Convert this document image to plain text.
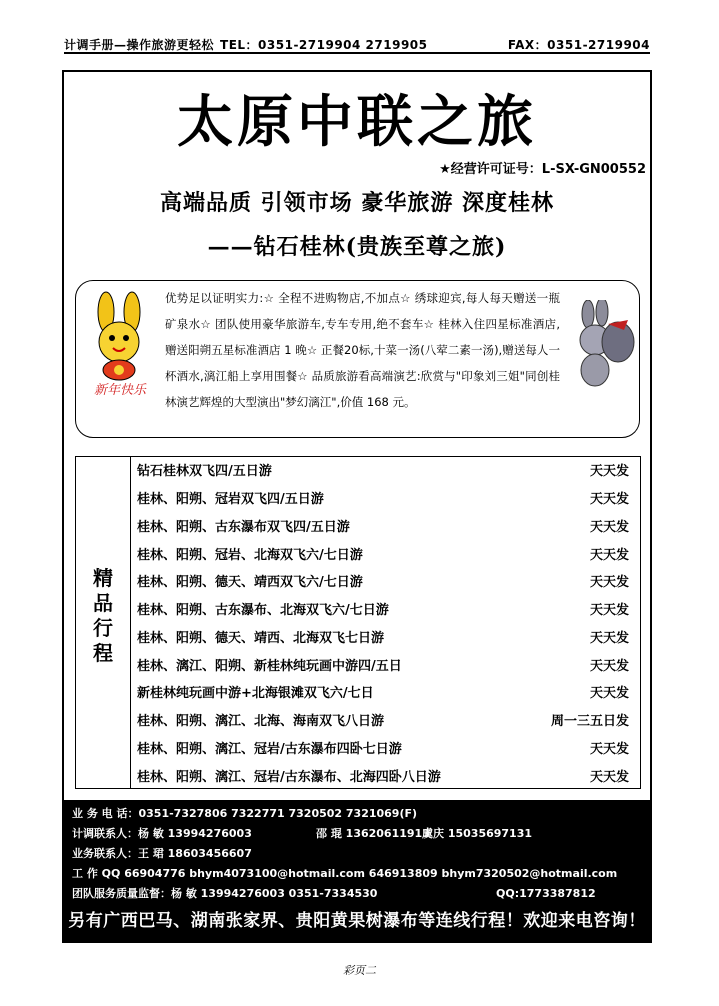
计调手册—操作旅游更轻松 TEL：0351-2719904 2719905	FAX：0351-2719904
太原中联之旅
★经营许可证号：L-SX-GN00552
高端品质 引领市场 豪华旅游 深度桂林
——钻石桂林(贵族至尊之旅)
优势足以证明实力:☆ 全程不进购物店,不加点☆ 绣球迎宾,每人每天赠送一瓶矿泉水☆ 团队使用豪华旅游车,专车专用,绝不套车☆ 桂林入住四星标准酒店,赠送阳朔五星标准酒店 1 晚☆ 正餐20标,十菜一汤(八荤二素一汤),赠送每人一杯酒水,漓江船上享用围餐☆ 品质旅游看高端演艺:欣赏与"印象刘三姐"同创桂林演艺辉煌的大型演出"梦幻漓江",价值 168 元。
新年快乐
精
品
行
程
钻石桂林双飞四/五日游	天天发
桂林、阳朔、冠岩双飞四/五日游	天天发
桂林、阳朔、古东瀑布双飞四/五日游	天天发
桂林、阳朔、冠岩、北海双飞六/七日游	天天发
桂林、阳朔、德天、靖西双飞六/七日游	天天发
桂林、阳朔、古东瀑布、北海双飞六/七日游	天天发
桂林、阳朔、德天、靖西、北海双飞七日游	天天发
桂林、漓江、阳朔、新桂林纯玩画中游四/五日	天天发
新桂林纯玩画中游+北海银滩双飞六/七日	天天发
桂林、阳朔、漓江、北海、海南双飞八日游	周一三五日发
桂林、阳朔、漓江、冠岩/古东瀑布四卧七日游	天天发
桂林、阳朔、漓江、冠岩/古东瀑布、北海四卧八日游	天天发
业 务 电 话：0351-7327806 7322771 7320502 7321069(F)
计调联系人：杨 敏 13994276003	邵 琨 13620611913
虞庆 15035697131
业务联系人：王 珺 18603456607
工 作 QQ 66904776 bhym4073100@hotmail.com 646913809 bhym7320502@hotmail.com
团队服务质量监督：杨 敏 13994276003 0351-7334530	QQ:1773387812
另有广西巴马、湖南张家界、贵阳黄果树瀑布等连线行程！欢迎来电咨询！
彩页二
